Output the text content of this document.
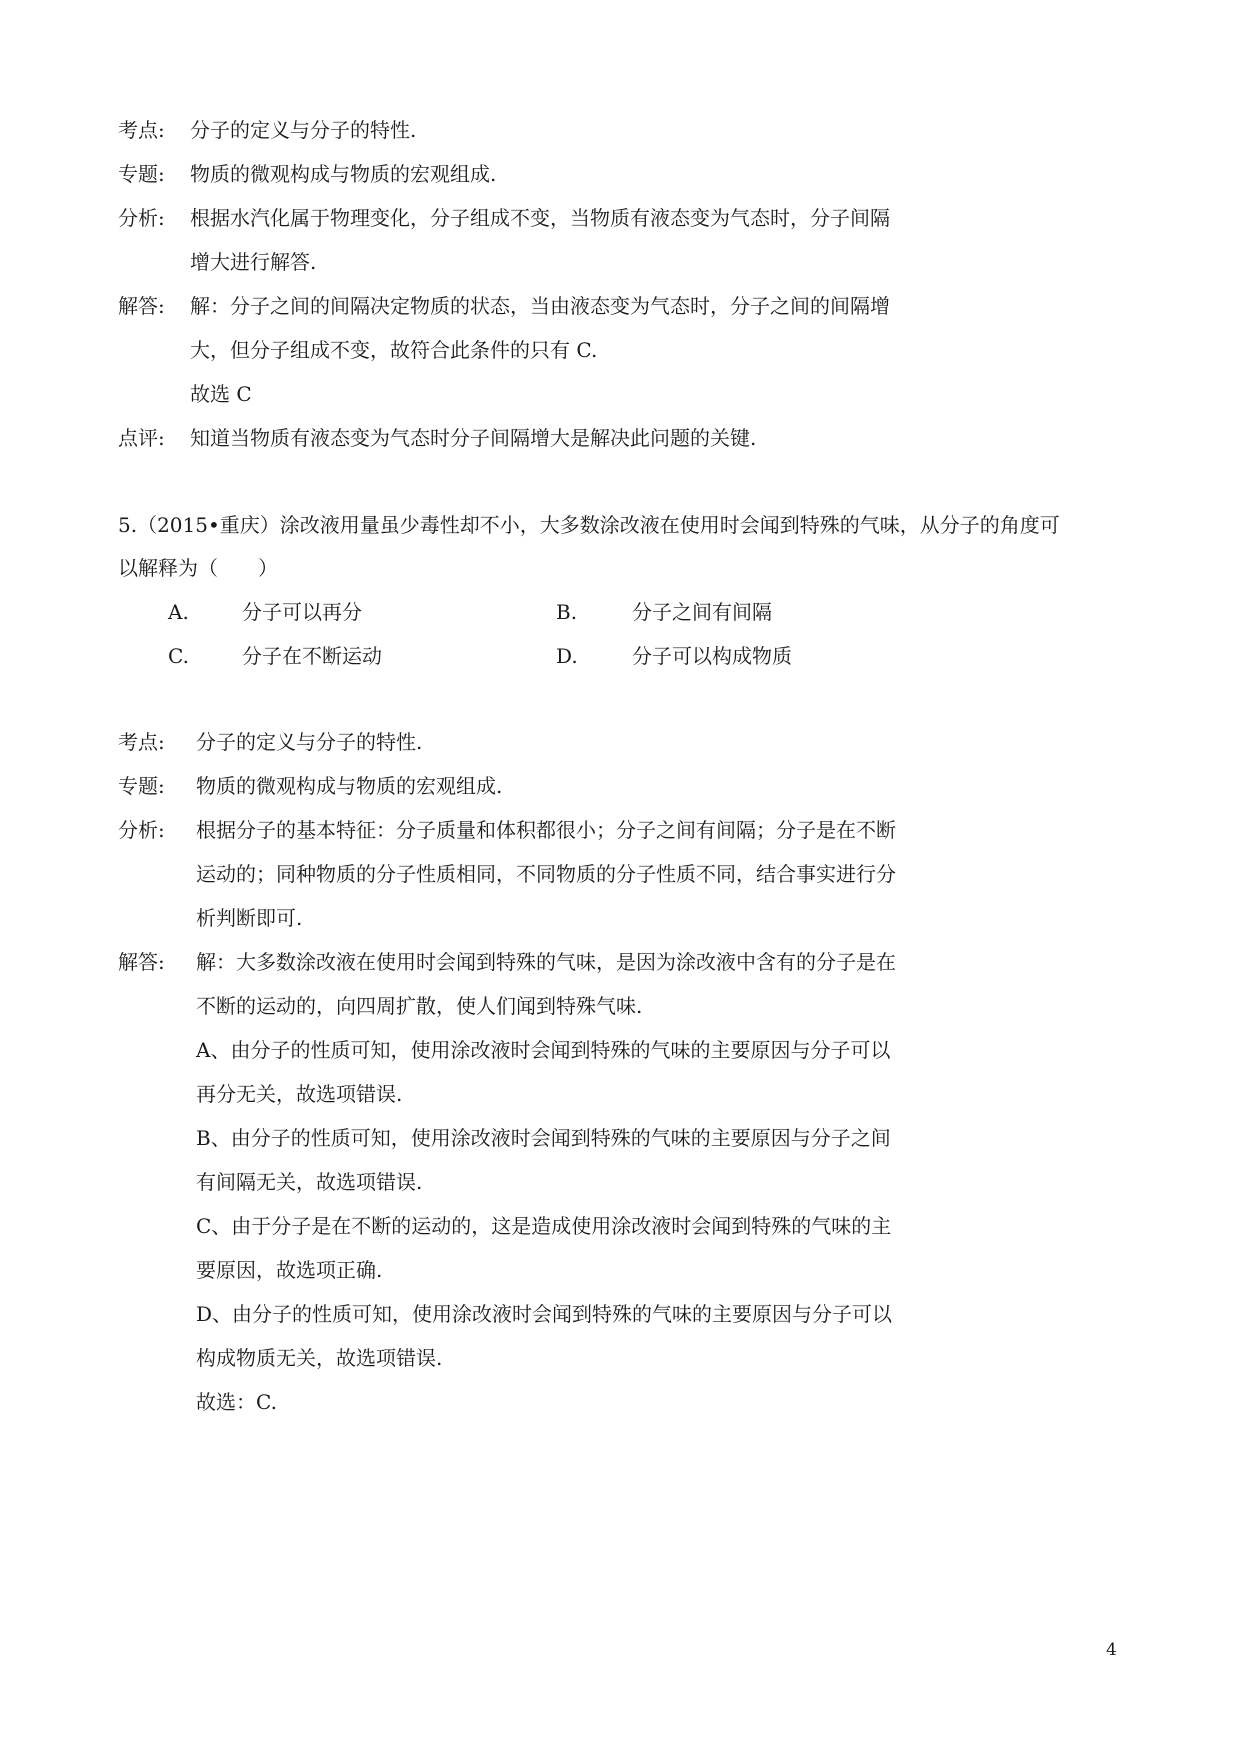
考点: 分子的定义与分子的特性.
专题: 物质的微观构成与物质的宏观组成.
分析: 根据水汽化属于物理变化，分子组成不变，当物质有液态变为气态时，分子间隔
增大进行解答.
解答: 解：分子之间的间隔决定物质的状态，当由液态变为气态时，分子之间的间隔增
大，但分子组成不变，故符合此条件的只有 C.
故选 C
点评: 知道当物质有液态变为气态时分子间隔增大是解决此问题的关键.
5.（2015•重庆）涂改液用量虽少毒性却不小，大多数涂改液在使用时会闻到特殊的气味，从分子的角度可
以解释为（　　）
A.	分子可以再分	B.	分子之间有间隔
C.	分子在不断运动	D.	分子可以构成物质
考点: 分子的定义与分子的特性.
专题: 物质的微观构成与物质的宏观组成.
分析: 根据分子的基本特征：分子质量和体积都很小；分子之间有间隔；分子是在不断
运动的；同种物质的分子性质相同，不同物质的分子性质不同，结合事实进行分
析判断即可.
解答: 解：大多数涂改液在使用时会闻到特殊的气味，是因为涂改液中含有的分子是在
不断的运动的，向四周扩散，使人们闻到特殊气味.
A、由分子的性质可知，使用涂改液时会闻到特殊的气味的主要原因与分子可以
再分无关，故选项错误.
B、由分子的性质可知，使用涂改液时会闻到特殊的气味的主要原因与分子之间
有间隔无关，故选项错误.
C、由于分子是在不断的运动的，这是造成使用涂改液时会闻到特殊的气味的主
要原因，故选项正确.
D、由分子的性质可知，使用涂改液时会闻到特殊的气味的主要原因与分子可以
构成物质无关，故选项错误.
故选：C.
4
